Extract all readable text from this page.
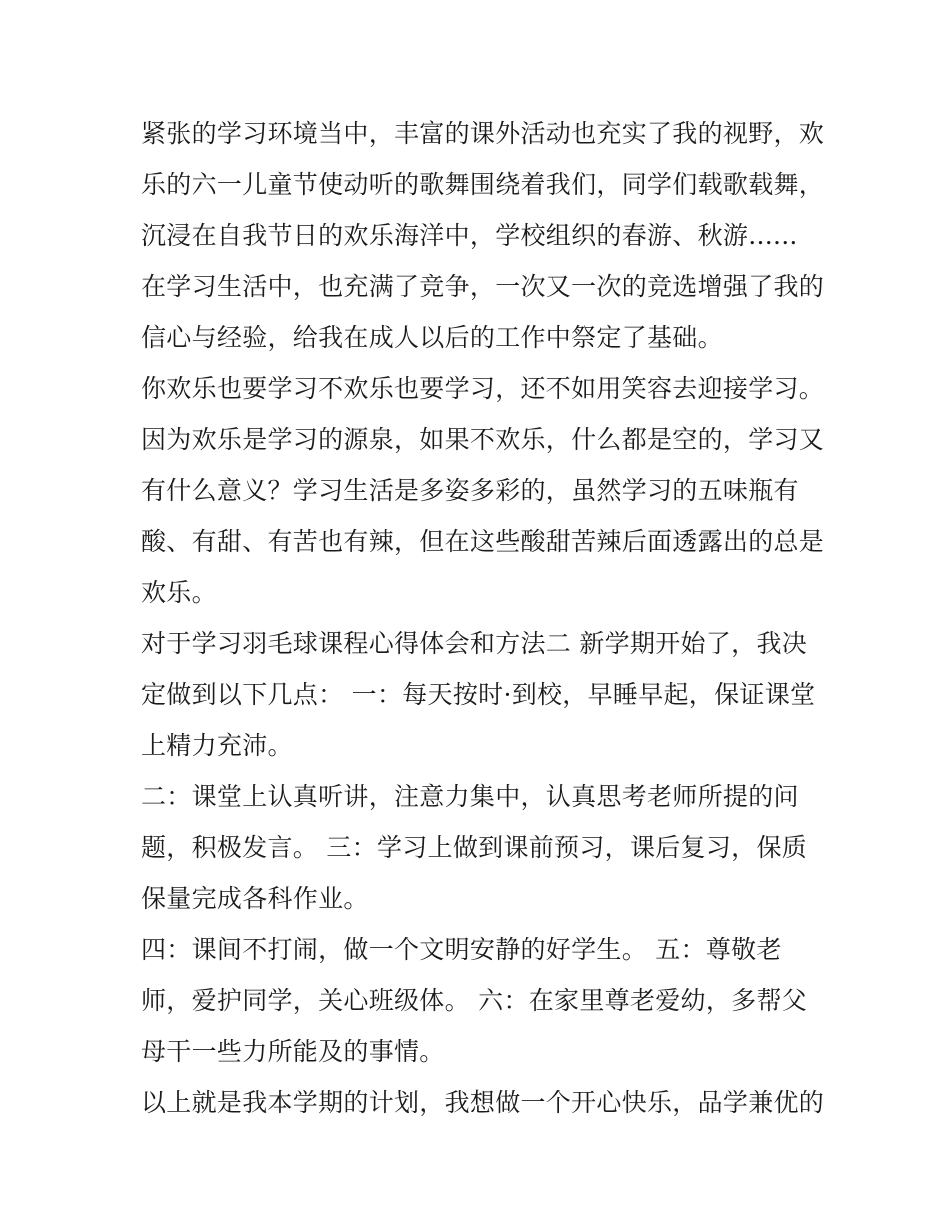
紧张的学习环境当中，丰富的课外活动也充实了我的视野，欢
乐的六一儿童节使动听的歌舞围绕着我们，同学们载歌载舞，
沉浸在自我节日的欢乐海洋中，学校组织的春游、秋游......
在学习生活中，也充满了竞争，一次又一次的竞选增强了我的
信心与经验，给我在成人以后的工作中祭定了基础。
你欢乐也要学习不欢乐也要学习，还不如用笑容去迎接学习。
因为欢乐是学习的源泉，如果不欢乐，什么都是空的，学习又
有什么意义？学习生活是多姿多彩的，虽然学习的五味瓶有
酸、有甜、有苦也有辣，但在这些酸甜苦辣后面透露出的总是
欢乐。
对于学习羽毛球课程心得体会和方法二 新学期开始了，我决
定做到以下几点： 一：每天按时·到校，早睡早起，保证课堂
上精力充沛。
二：课堂上认真听讲，注意力集中，认真思考老师所提的问
题，积极发言。 三：学习上做到课前预习，课后复习，保质
保量完成各科作业。
四：课间不打闹，做一个文明安静的好学生。 五：尊敬老
师，爱护同学，关心班级体。 六：在家里尊老爱幼，多帮父
母干一些力所能及的事情。
以上就是我本学期的计划，我想做一个开心快乐，品学兼优的
